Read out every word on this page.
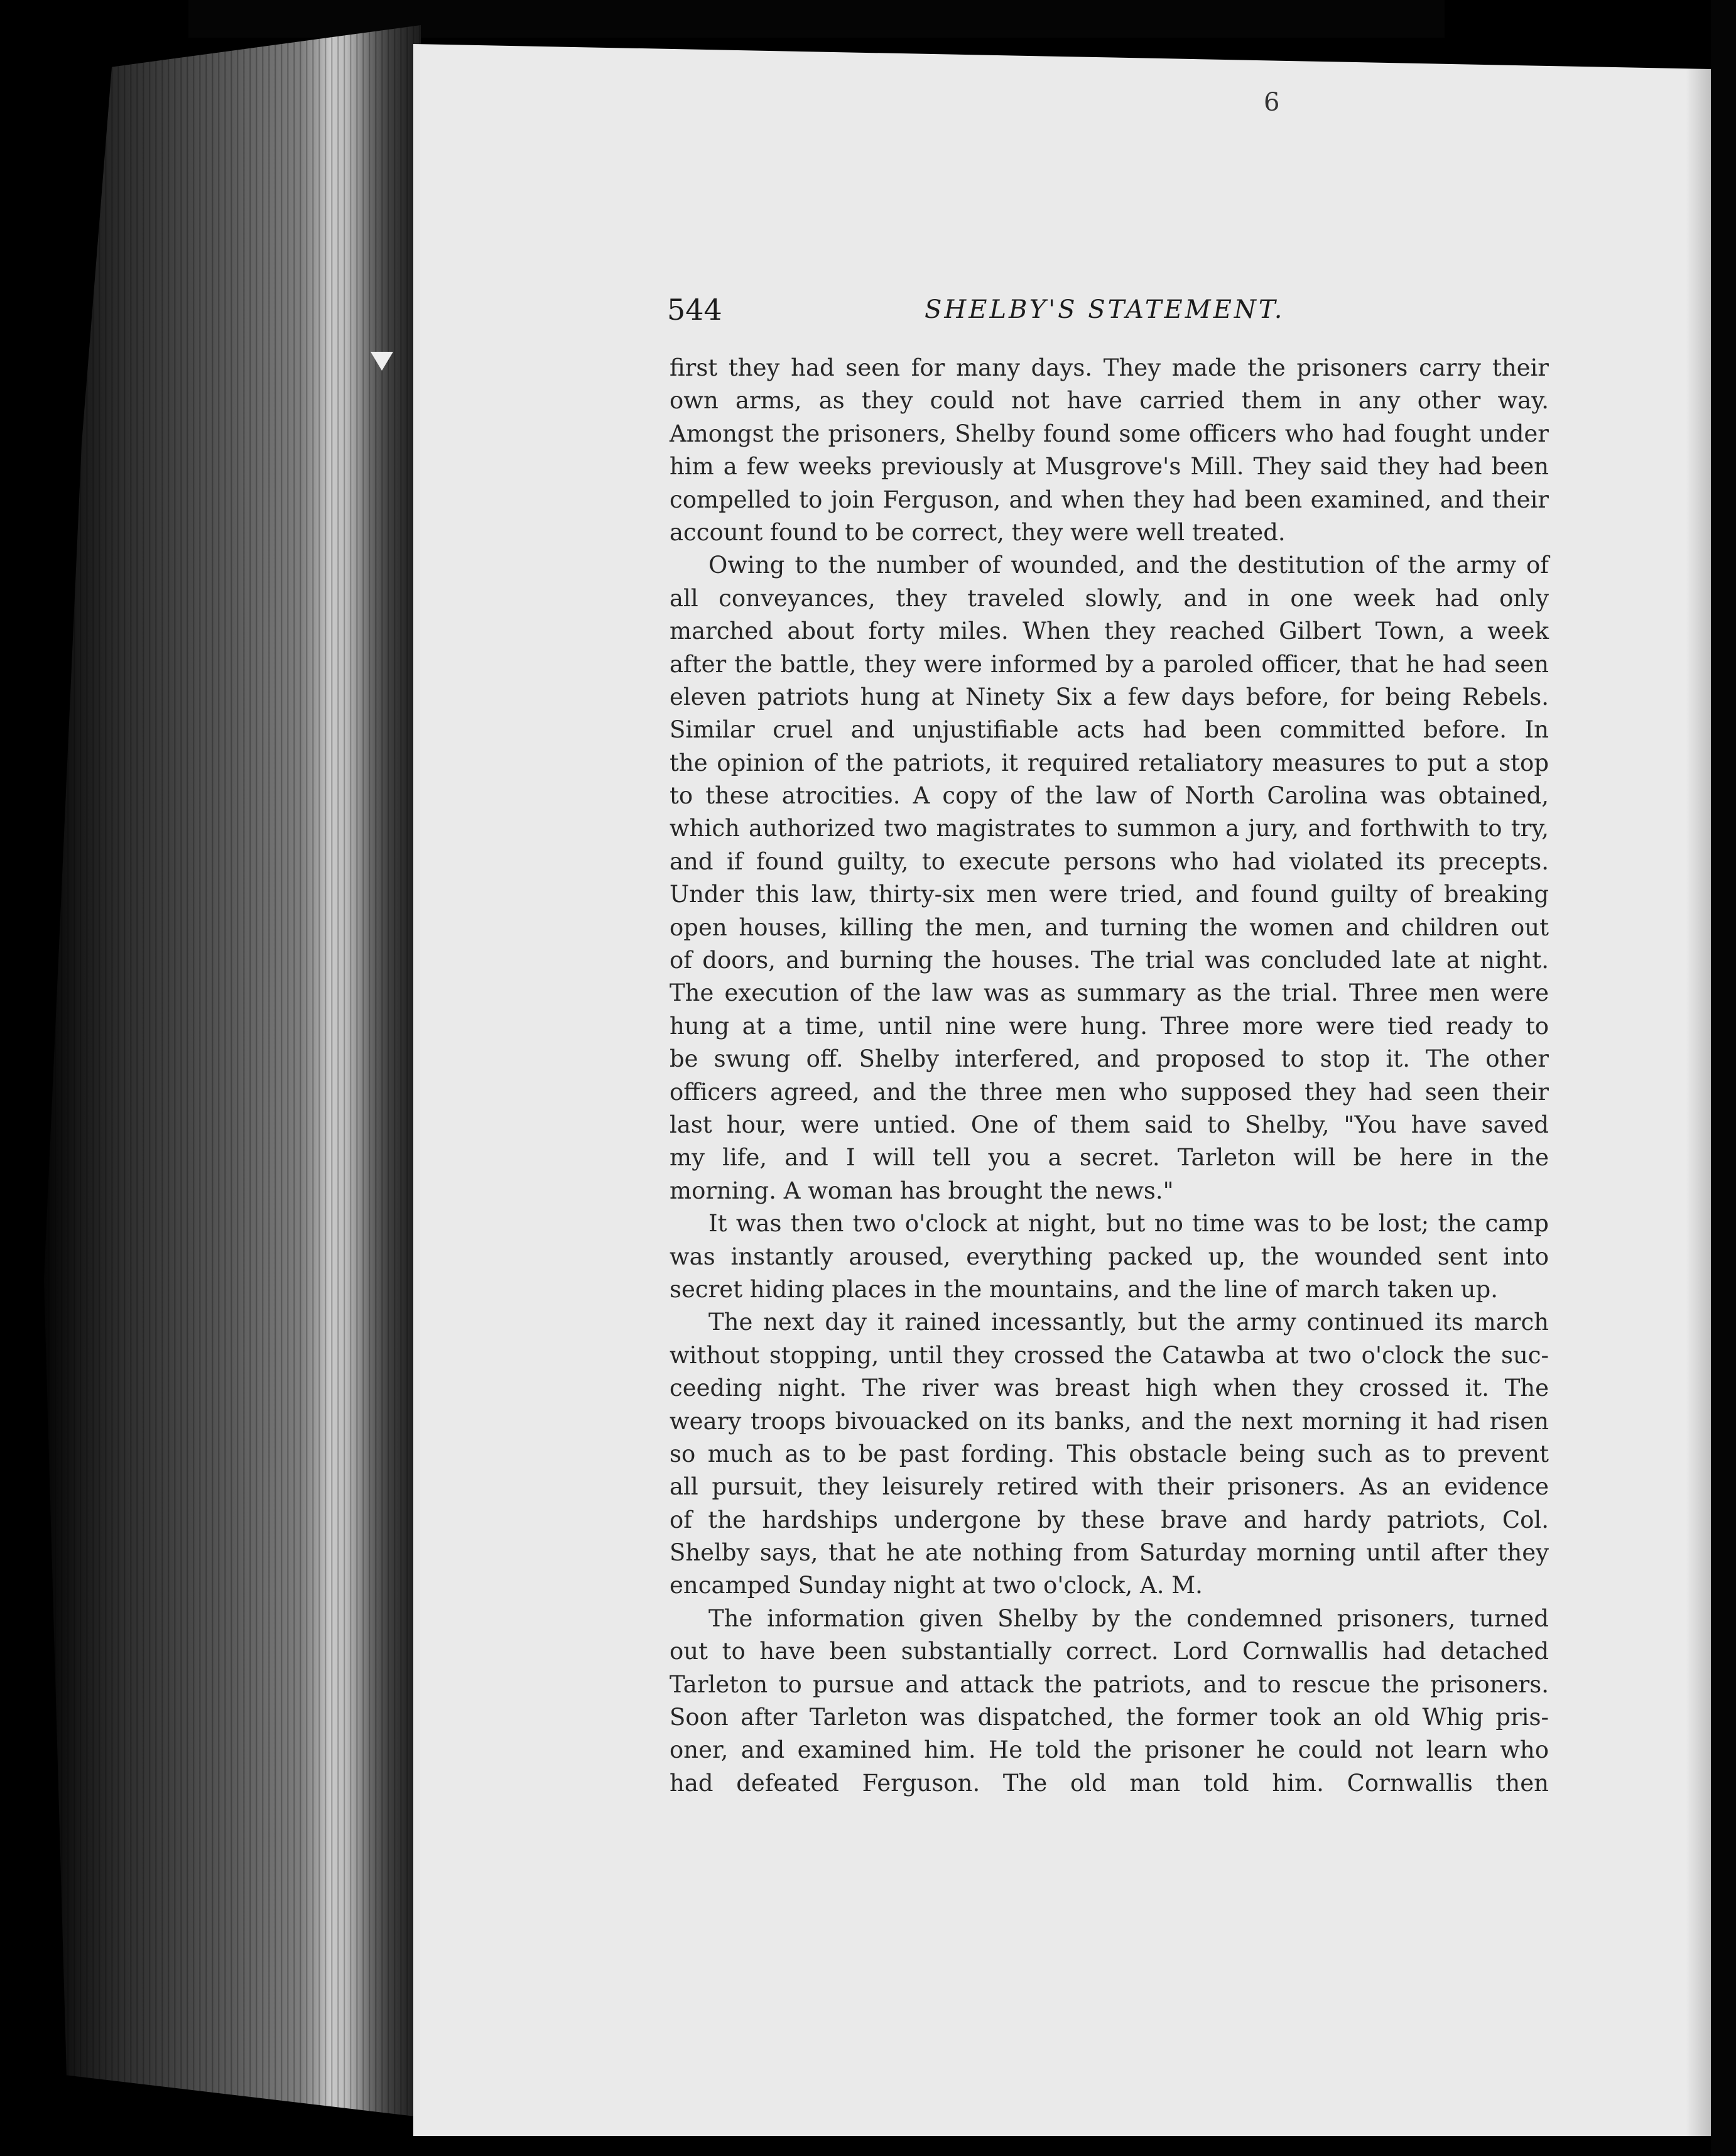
6
544	SHELBY'S STATEMENT.
first they had seen for many days. They made the prisoners carry their
own arms, as they could not have carried them in any other way.
Amongst the prisoners, Shelby found some officers who had fought under
him a few weeks previously at Musgrove's Mill. They said they had been
compelled to join Ferguson, and when they had been examined, and their
account found to be correct, they were well treated.
Owing to the number of wounded, and the destitution of the army of
all conveyances, they traveled slowly, and in one week had only
marched about forty miles. When they reached Gilbert Town, a week
after the battle, they were informed by a paroled officer, that he had seen
eleven patriots hung at Ninety Six a few days before, for being Rebels.
Similar cruel and unjustifiable acts had been committed before. In
the opinion of the patriots, it required retaliatory measures to put a stop
to these atrocities. A copy of the law of North Carolina was obtained,
which authorized two magistrates to summon a jury, and forthwith to try,
and if found guilty, to execute persons who had violated its precepts.
Under this law, thirty-six men were tried, and found guilty of breaking
open houses, killing the men, and turning the women and children out
of doors, and burning the houses. The trial was concluded late at night.
The execution of the law was as summary as the trial. Three men were
hung at a time, until nine were hung. Three more were tied ready to
be swung off. Shelby interfered, and proposed to stop it. The other
officers agreed, and the three men who supposed they had seen their
last hour, were untied. One of them said to Shelby, "You have saved
my life, and I will tell you a secret. Tarleton will be here in the
morning. A woman has brought the news."
It was then two o'clock at night, but no time was to be lost; the camp
was instantly aroused, everything packed up, the wounded sent into
secret hiding places in the mountains, and the line of march taken up.
The next day it rained incessantly, but the army continued its march
without stopping, until they crossed the Catawba at two o'clock the suc-
ceeding night. The river was breast high when they crossed it. The
weary troops bivouacked on its banks, and the next morning it had risen
so much as to be past fording. This obstacle being such as to prevent
all pursuit, they leisurely retired with their prisoners. As an evidence
of the hardships undergone by these brave and hardy patriots, Col.
Shelby says, that he ate nothing from Saturday morning until after they
encamped Sunday night at two o'clock, A. M.
The information given Shelby by the condemned prisoners, turned
out to have been substantially correct. Lord Cornwallis had detached
Tarleton to pursue and attack the patriots, and to rescue the prisoners.
Soon after Tarleton was dispatched, the former took an old Whig pris-
oner, and examined him. He told the prisoner he could not learn who
had defeated Ferguson. The old man told him. Cornwallis then
